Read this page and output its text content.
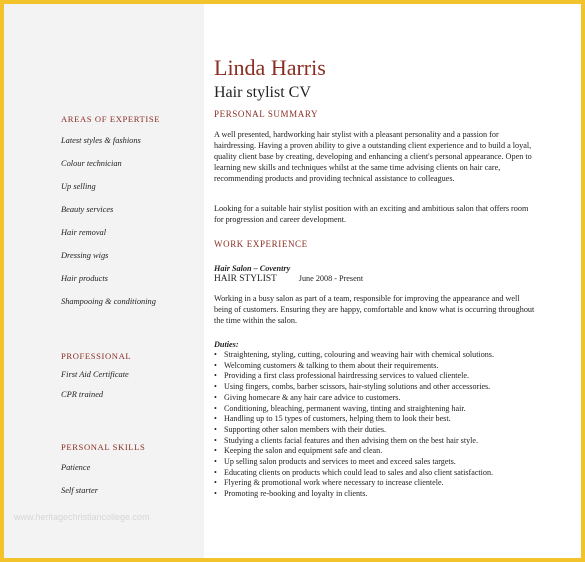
AREAS OF EXPERTISE
Latest styles & fashions
Colour technician
Up selling
Beauty services
Hair removal
Dressing wigs
Hair products
Shampooing & conditioning
PROFESSIONAL
First Aid Certificate
CPR trained
PERSONAL SKILLS
Patience
Self starter
www.heritagechristiancollege.com
Linda Harris
Hair stylist CV
PERSONAL SUMMARY

A well presented, hardworking hair stylist with a pleasant personality and a passion for hairdressing. Having a proven ability to give a outstanding client experience and to build a loyal, quality client base by creating, developing and enhancing a client's personal appearance. Open to learning new skills and techniques whilst at the same time advising clients on hair care, recommending products and providing technical assistance to colleagues.

Looking for a suitable hair stylist position with an exciting and ambitious salon that offers room for progression and career development.

WORK EXPERIENCE
Hair Salon – Coventry
HAIR STYLIST	June 2008 - Present

Working in a busy salon as part of a team, responsible for improving the appearance and well being of customers. Ensuring they are happy, comfortable and know what is occurring throughout the time within the salon.

Duties:
• Straightening, styling, cutting, colouring and weaving hair with chemical solutions.
• Welcoming customers & talking to them about their requirements.
• Providing a first class professional hairdressing services to valued clientele.
• Using fingers, combs, barber scissors, hair-styling solutions and other accessories.
• Giving homecare & any hair care advice to customers.
• Conditioning, bleaching, permanent waving, tinting and straightening hair.
• Handling up to 15 types of customers, helping them to look their best.
• Supporting other salon members with their duties.
• Studying a clients facial features and then advising them on the best hair style.
• Keeping the salon and equipment safe and clean.
• Up selling salon products and services to meet and exceed sales targets.
• Educating clients on products which could lead to sales and also client satisfaction.
• Flyering & promotional work where necessary to increase clientele.
• Promoting re-booking and loyalty in clients.
